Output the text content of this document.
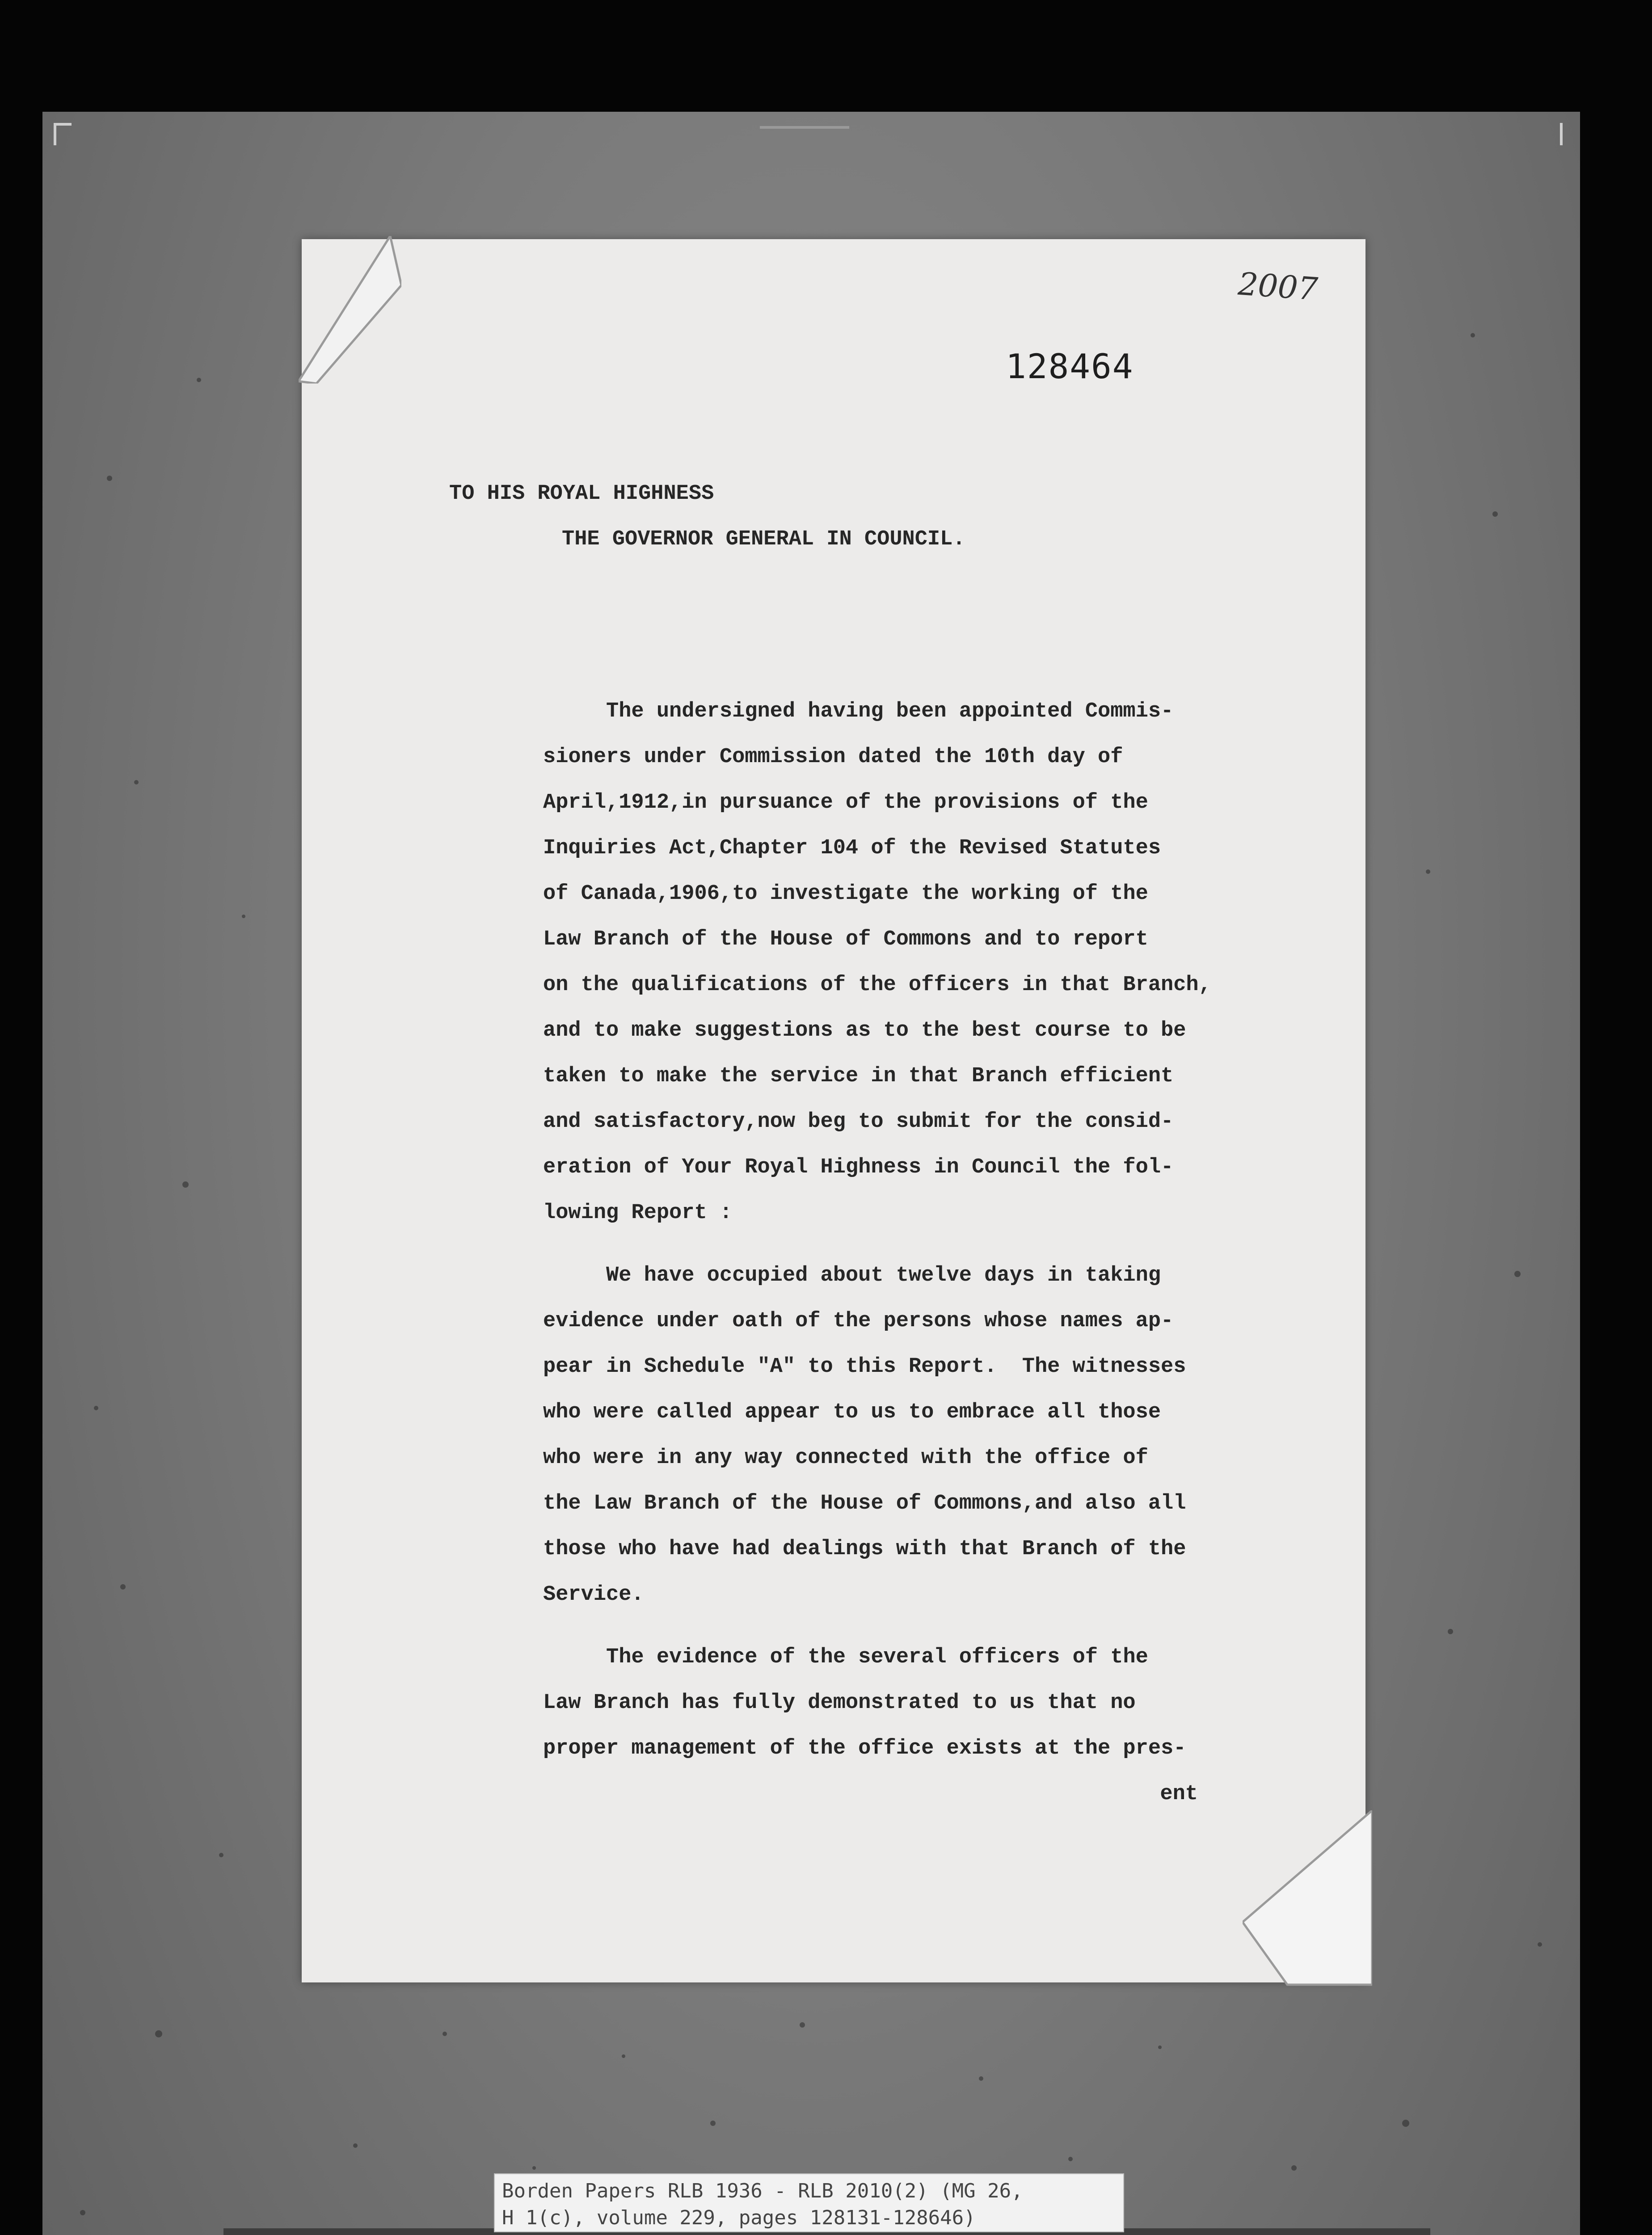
2007
128464
TO HIS ROYAL HIGHNESS
THE GOVERNOR GENERAL IN COUNCIL.
The undersigned having been appointed Commis-
sioners under Commission dated the 10th day of
April,1912,in pursuance of the provisions of the
Inquiries Act,Chapter 104 of the Revised Statutes
of Canada,1906,to investigate the working of the
Law Branch of the House of Commons and to report
on the qualifications of the officers in that Branch,
and to make suggestions as to the best course to be
taken to make the service in that Branch efficient
and satisfactory,now beg to submit for the consid-
eration of Your Royal Highness in Council the fol-
lowing Report :
We have occupied about twelve days in taking
evidence under oath of the persons whose names ap-
pear in Schedule "A" to this Report.  The witnesses
who were called appear to us to embrace all those
who were in any way connected with the office of
the Law Branch of the House of Commons,and also all
those who have had dealings with that Branch of the
Service.
The evidence of the several officers of the
Law Branch has fully demonstrated to us that no
proper management of the office exists at the pres-
ent
Borden Papers RLB 1936 - RLB 2010(2) (MG 26,
H 1(c), volume 229, pages 128131-128646)
